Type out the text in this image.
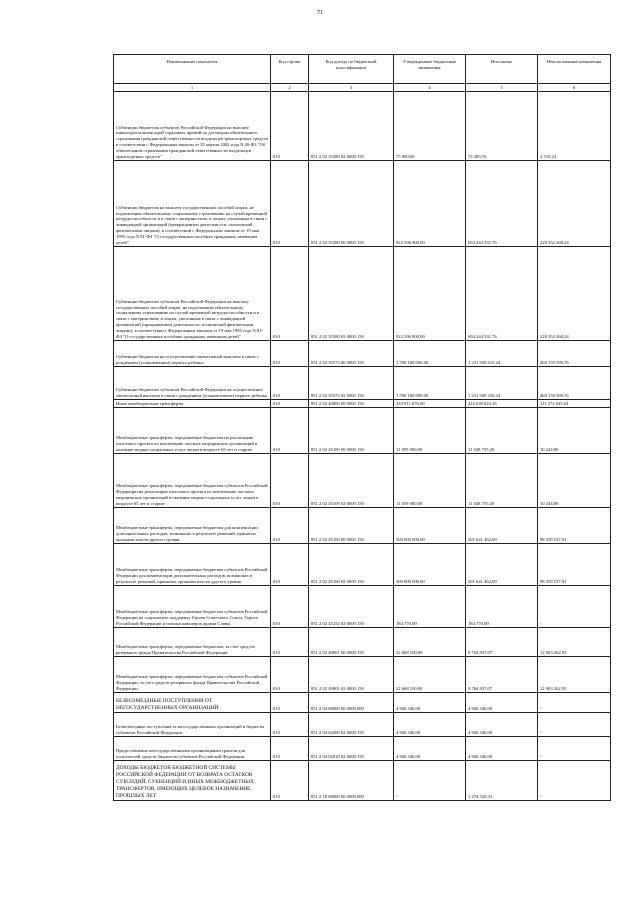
71
Наименование показателя	Код строки	Код дохода по бюджетной классификации	Утвержденные бюджетные назначения	Исполнено	Неисполненные назначения
1	2	3	4	5	6
Субвенции бюджетам субъектов Российской Федерации на выплату инвалидам компенсаций страховых премий по договорам обязательного страхования гражданской ответственности владельцев транспортных средств в соответствии с Федеральным законом от 25 апреля 2002 года N 40-ФЗ "Об обязательном страховании гражданской ответственности владельцев транспортных средств"	010	851 2 02 35280 02 0000 150	75 900,00	73 389,76	2 510,24
Субвенции бюджетам на выплату государственных пособий лицам, не подлежащим обязательному социальному страхованию на случай временной нетрудоспособности и в связи с материнством, и лицам, уволенным в связи с ликвидацией организаций (прекращением деятельности, полномочий физическими лицами), в соответствии с Федеральным законом от 19 мая 1995 года N 81-ФЗ "О государственных пособиях гражданам, имеющим детей"	010	851 2 02 35380 00 0000 150	922 596 800,00	694 244 531,76	228 352 268,24
Субвенции бюджетам субъектов Российской Федерации на выплату государственных пособий лицам, не подлежащим обязательному социальному страхованию на случай временной нетрудоспособности и в связи с материнством, и лицам, уволенным в связи с ликвидацией организаций (прекращением деятельности, полномочий физическими лицами), в соответствии с Федеральным законом от 19 мая 1995 года N 81-ФЗ "О государственных пособиях гражданам, имеющим детей"	010	851 2 02 35380 02 0000 150	922 596 800,00	694 244 531,76	228 352 268,24
Субвенции бюджетам на осуществление ежемесячной выплаты в связи с рождением (усыновлением) первого ребенка	010	851 2 02 35573 00 0000 150	1 700 100 000,00	1 231 940 410,24	468 159 589,76
Субвенции бюджетам субъектов Российской Федерации на осуществление ежемесячной выплаты в связи с рождением (усыновлением) первого ребенка	010	851 2 02 35573 02 0000 150	1 700 100 000,00	1 231 940 410,24	468 159 589,76
Иные межбюджетные трансферты	010	851 2 02 40000 00 0000 150	333 911 870,00	222 639 824,36	111 272 045,64
Межбюджетные трансферты, передаваемые бюджетам на реализацию пилотного проекта по вовлечению частных медицинских организаций в оказание медико-социальных услуг лицам в возрасте 65 лет и старше	010	851 2 02 45109 00 0000 150	11 059 000,00	11 048 755,20	10 244,80
Межбюджетные трансферты, передаваемые бюджетам субъектов Российской Федерации на реализацию пилотного проекта по вовлечению частных медицинских организаций в оказание медико-социальных услуг лицам в возрасте 65 лет и старше	010	851 2 02 45109 02 0000 150	11 059 000,00	11 048 755,20	10 244,80
Межбюджетные трансферты, передаваемые бюджетам для компенсации дополнительных расходов, возникших в результате решений, принятых органами власти другого уровня	010	851 2 02 45160 00 0000 150	300 000 000,00	201 641 462,09	98 358 537,91
Межбюджетные трансферты, передаваемые бюджетам субъектов Российской Федерации для компенсации дополнительных расходов, возникших в результате решений, принятых органами власти другого уровня	010	851 2 02 45160 02 0000 150	300 000 000,00	201 641 462,09	98 358 537,91
Межбюджетные трансферты, передаваемые бюджетам субъектов Российской Федерации на социальную поддержку Героев Советского Союза, Героев Российской Федерации и полных кавалеров ордена Славы	010	851 2 02 45252 02 0000 150	184 770,00	184 770,00	-
Межбюджетные трансферты, передаваемые бюджетам, за счет средств резервного фонда Правительства Российской Федерации	010	851 2 02 49001 00 0000 150	22 668 100,00	9 764 837,07	12 903 262,93
Межбюджетные трансферты, передаваемые бюджетам субъектов Российской Федерации, за счет средств резервного фонда Правительства Российской Федерации	010	851 2 02 49001 02 0000 150	22 668 100,00	9 764 837,07	12 903 262,93
БЕЗВОЗМЕЗДНЫЕ ПОСТУПЛЕНИЯ ОТ НЕГОСУДАРСТВЕННЫХ ОРГАНИЗАЦИЙ	010	851 2 04 00000 00 0000 000	4 600 346,00	4 600 346,00	-
Безвозмездные поступления от негосударственных организаций в бюджеты субъектов Российской Федерации	010	851 2 04 02000 02 0000 150	4 600 346,00	4 600 346,00	-
Предоставление негосударственными организациями грантов для получателей средств бюджетов субъектов Российской Федерации	010	851 2 04 02010 02 0000 150	4 600 346,00	4 600 346,00	-
ДОХОДЫ БЮДЖЕТОВ БЮДЖЕТНОЙ СИСТЕМЫ РОССИЙСКОЙ ФЕДЕРАЦИИ ОТ ВОЗВРАТА ОСТАТКОВ СУБСИДИЙ, СУБВЕНЦИЙ И ИНЫХ МЕЖБЮДЖЕТНЫХ ТРАНСФЕРТОВ, ИМЕЮЩИХ ЦЕЛЕВОЕ НАЗНАЧЕНИЕ, ПРОШЛЫХ ЛЕТ	010	851 2 18 00000 00 0000 000	-	1 274 520,33	-
